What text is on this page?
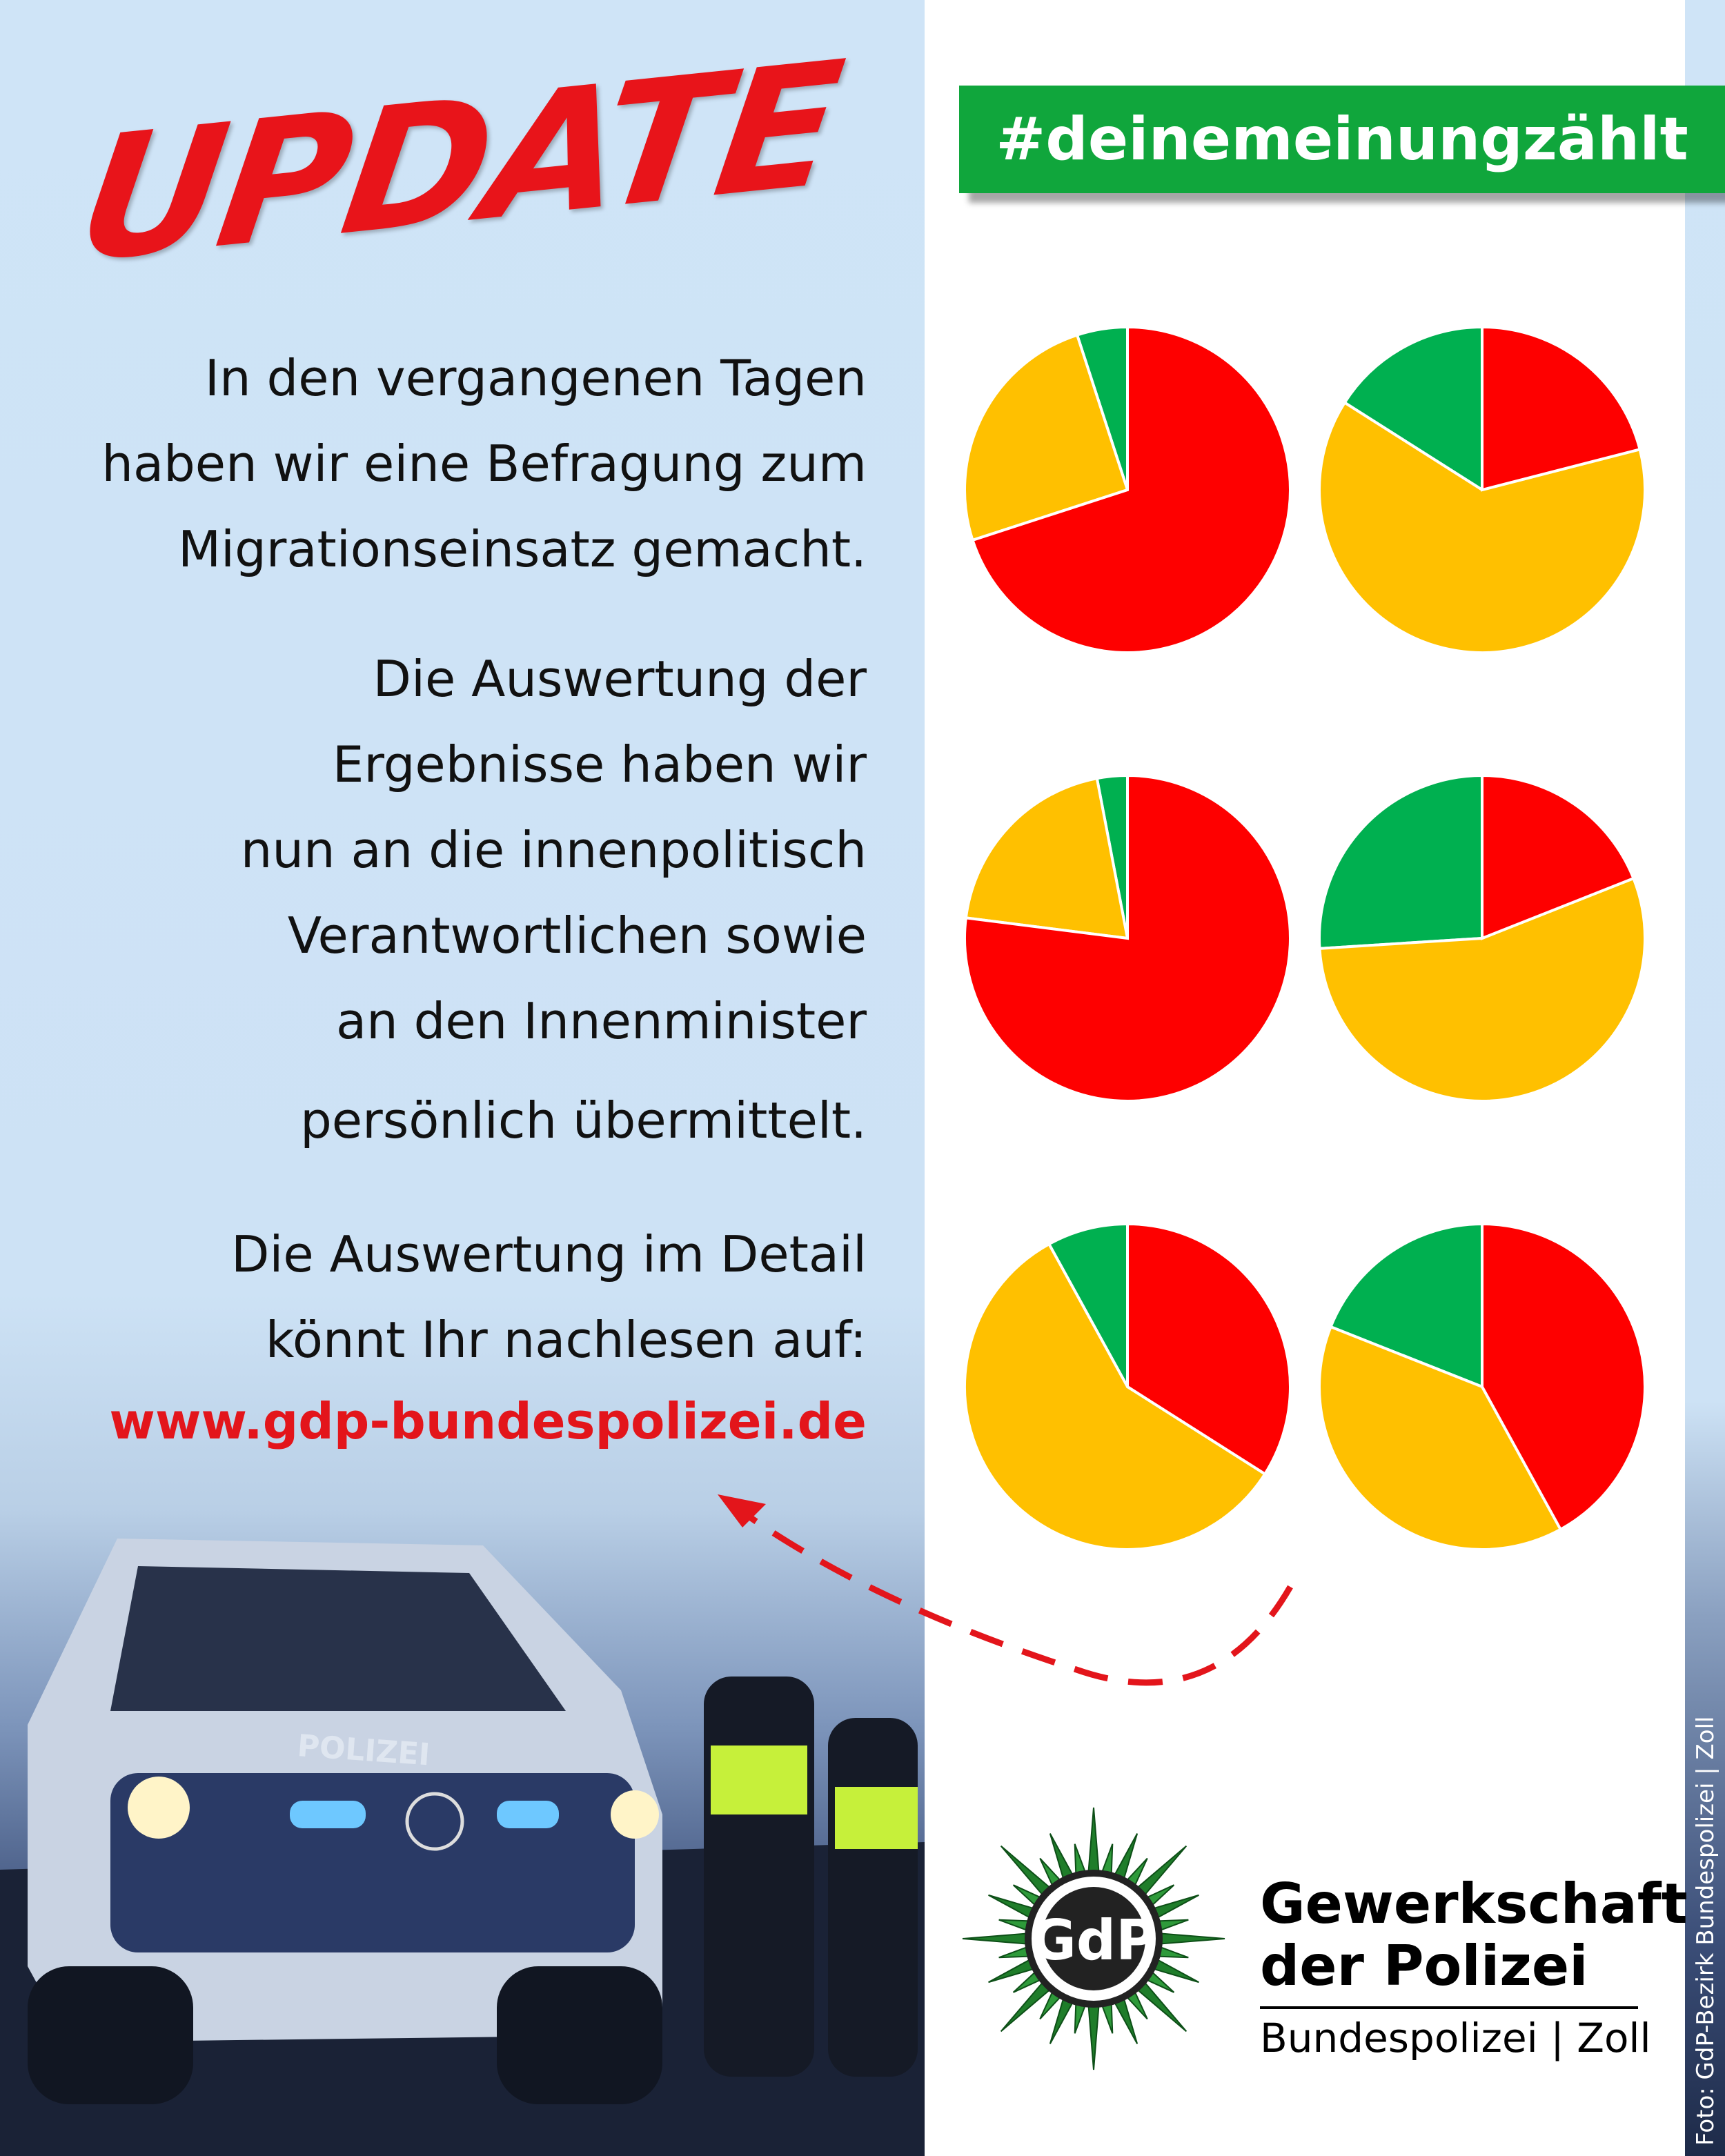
POLIZEI
UPDATE
In den vergangenen Tagen
haben wir eine Befragung zum
Migrationseinsatz gemacht.
Die Auswertung der
Ergebnisse haben wir
nun an die innenpolitisch
Verantwortlichen sowie
an den Innenminister
persönlich übermittelt.
Die Auswertung im Detail
könnt Ihr nachlesen auf:
www.gdp-bundespolizei.de
#deinemeinungzählt
GdP
Gewerkschaft
der Polizei
Bundespolizei | Zoll Foto: GdP-Bezirk Bundespolizei | Zoll
